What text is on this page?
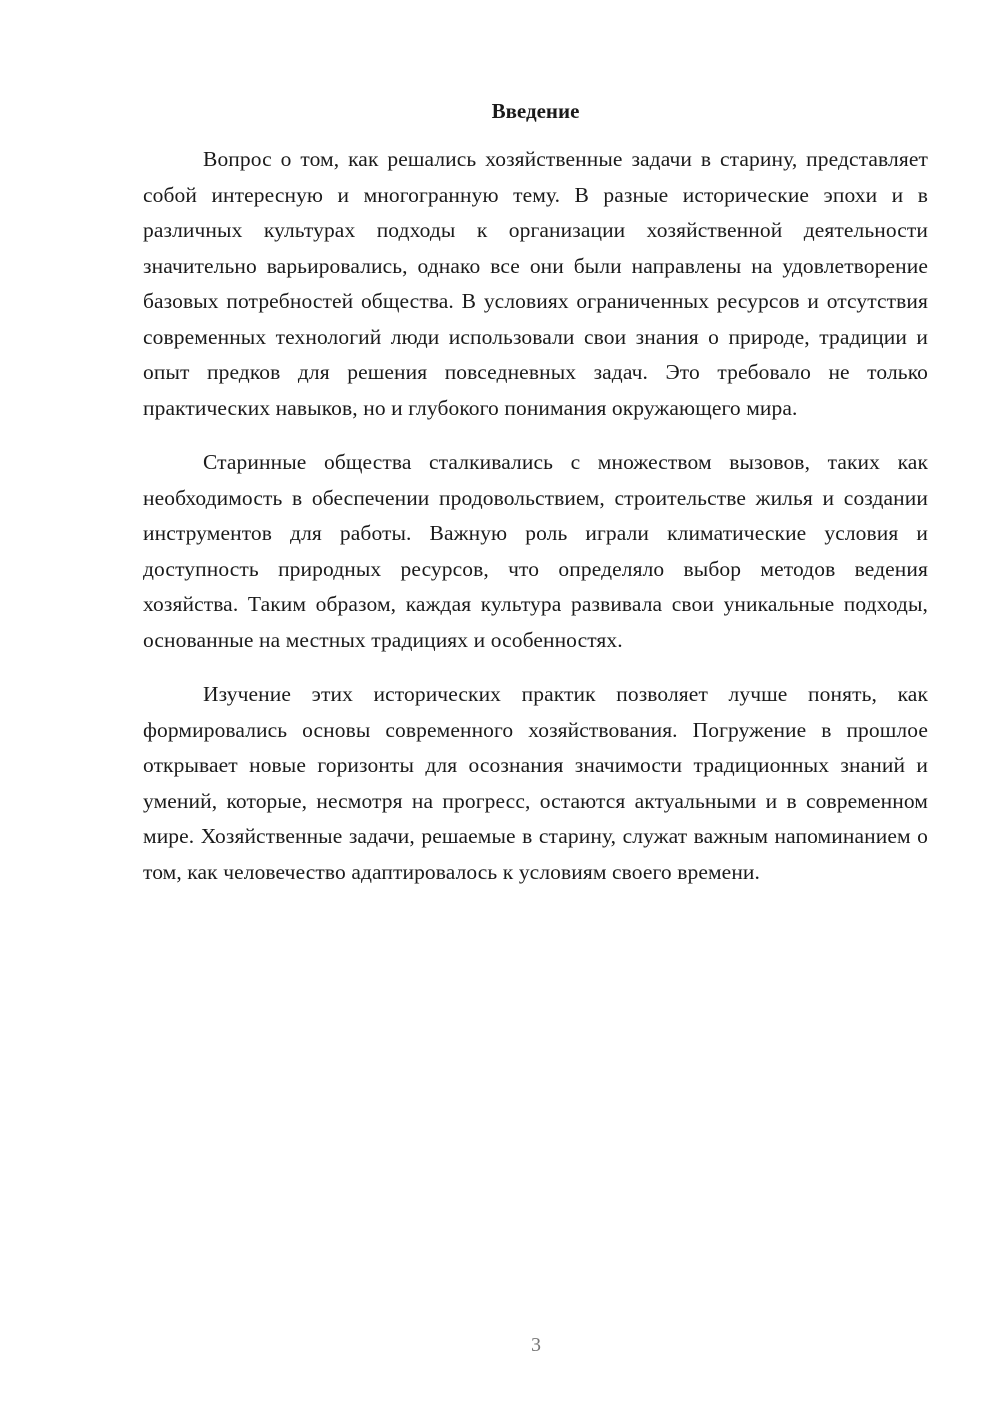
Введение

Вопрос о том, как решались хозяйственные задачи в старину, представляет собой интересную и многогранную тему. В разные исторические эпохи и в различных культурах подходы к организации хозяйственной деятельности значительно варьировались, однако все они были направлены на удовлетворение базовых потребностей общества. В условиях ограниченных ресурсов и отсутствия современных технологий люди использовали свои знания о природе, традиции и опыт предков для решения повседневных задач. Это требовало не только практических навыков, но и глубокого понимания окружающего мира.

Старинные общества сталкивались с множеством вызовов, таких как необходимость в обеспечении продовольствием, строительстве жилья и создании инструментов для работы. Важную роль играли климатические условия и доступность природных ресурсов, что определяло выбор методов ведения хозяйства. Таким образом, каждая культура развивала свои уникальные подходы, основанные на местных традициях и особенностях.

Изучение этих исторических практик позволяет лучше понять, как формировались основы современного хозяйствования. Погружение в прошлое открывает новые горизонты для осознания значимости традиционных знаний и умений, которые, несмотря на прогресс, остаются актуальными и в современном мире. Хозяйственные задачи, решаемые в старину, служат важным напоминанием о том, как человечество адаптировалось к условиям своего времени.

3
